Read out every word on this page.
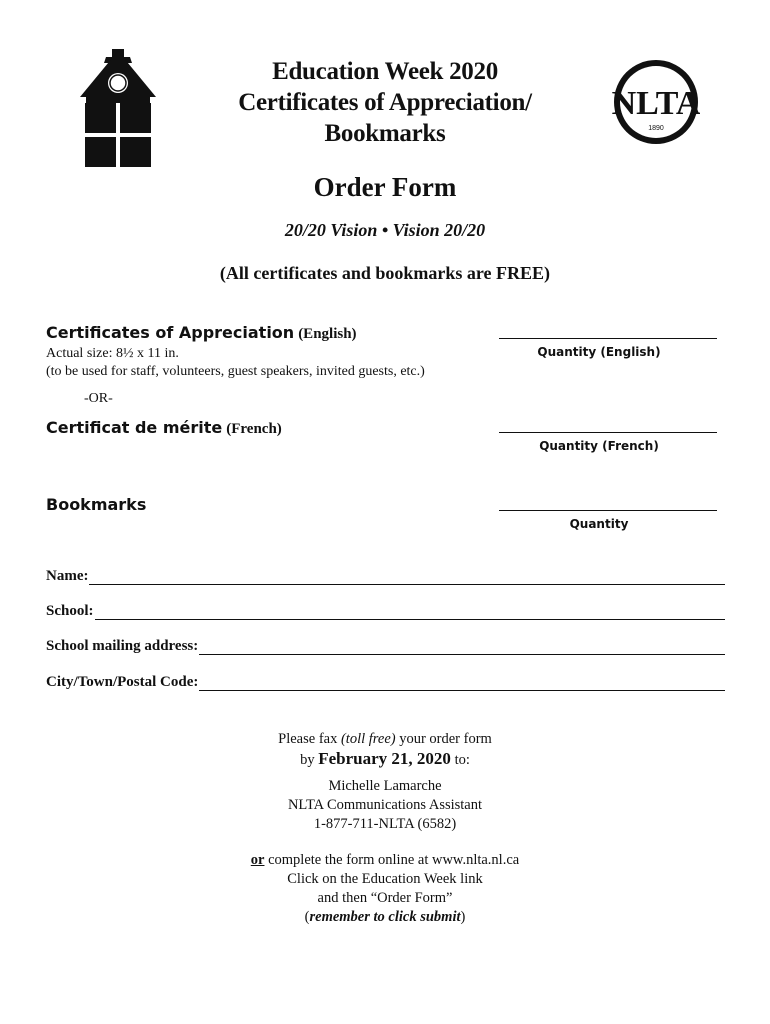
Education Week 2020
Certificates of Appreciation/
Bookmarks
NLTA
1890
Order Form
20/20 Vision • Vision 20/20
(All certificates and bookmarks are FREE)
Certificates of Appreciation (English)
Actual size: 8½ x 11 in.
(to be used for staff, volunteers, guest speakers, invited guests, etc.)
Quantity (English)
-OR-
Certificat de mérite (French)
Quantity (French)
Bookmarks
Quantity
Name:
School:
School mailing address:
City/Town/Postal Code:
Please fax (toll free) your order form
by February 21, 2020 to:
Michelle Lamarche
NLTA Communications Assistant
1-877-711-NLTA (6582)
or complete the form online at www.nlta.nl.ca
Click on the Education Week link
and then “Order Form”
(remember to click submit)
